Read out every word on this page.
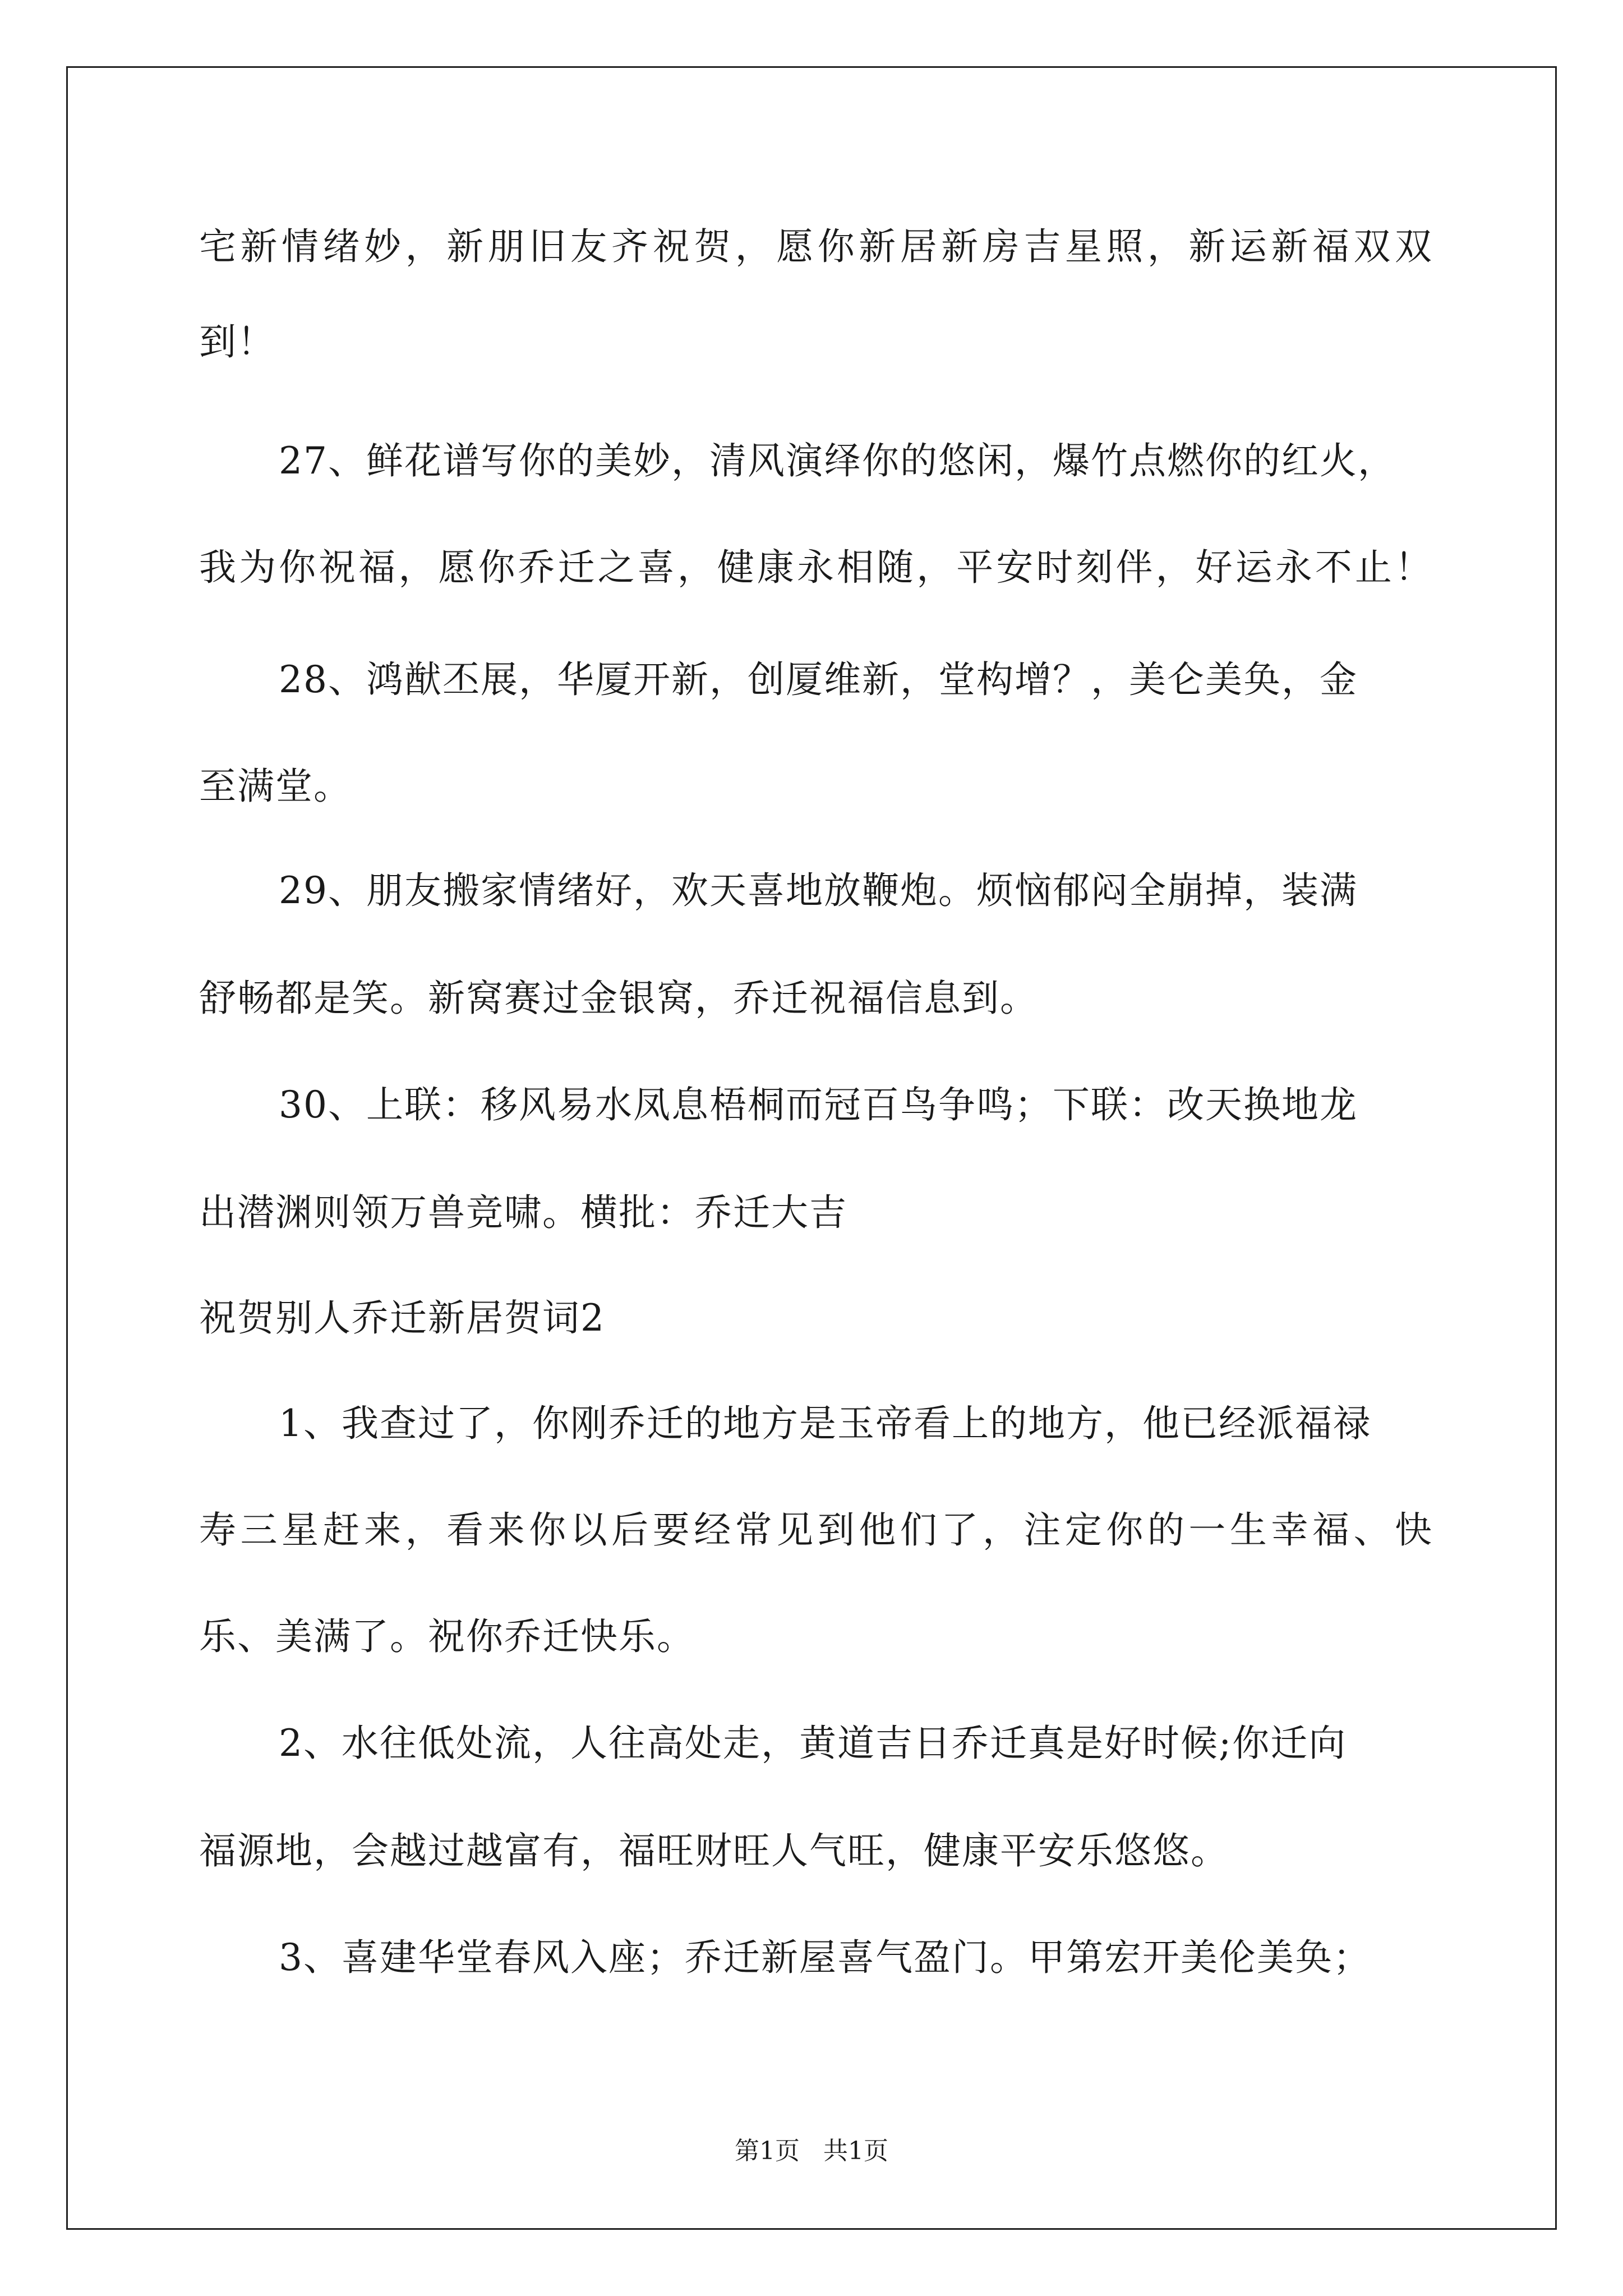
宅新情绪妙，新朋旧友齐祝贺，愿你新居新房吉星照，新运新福双双
到！
27、鲜花谱写你的美妙，清风演绎你的悠闲，爆竹点燃你的红火，
我为你祝福，愿你乔迁之喜，健康永相随，平安时刻伴，好运永不止！
28、鸿猷丕展，华厦开新，创厦维新，堂构增？，美仑美奂，金
至满堂。
29、朋友搬家情绪好，欢天喜地放鞭炮。烦恼郁闷全崩掉，装满
舒畅都是笑。新窝赛过金银窝，乔迁祝福信息到。
30、上联：移风易水凤息梧桐而冠百鸟争鸣；下联：改天换地龙
出潜渊则领万兽竞啸。横批：乔迁大吉
祝贺别人乔迁新居贺词2
1、我查过了，你刚乔迁的地方是玉帝看上的地方，他已经派福禄
寿三星赶来，看来你以后要经常见到他们了，注定你的一生幸福、快
乐、美满了。祝你乔迁快乐。
2、水往低处流，人往高处走，黄道吉日乔迁真是好时候;你迁向
福源地，会越过越富有，福旺财旺人气旺，健康平安乐悠悠。
3、喜建华堂春风入座；乔迁新屋喜气盈门。甲第宏开美伦美奂；
第1页   共1页
